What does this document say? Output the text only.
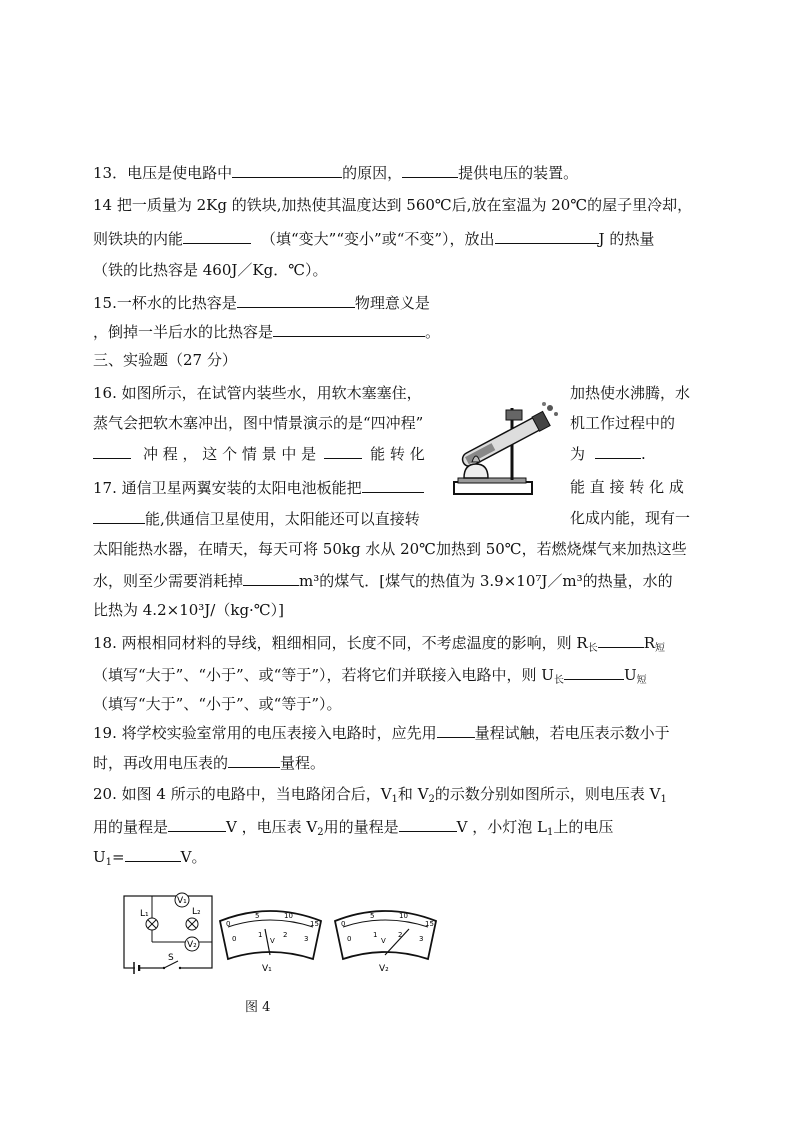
13．电压是使电路中	的原因，	提供电压的装置。
14 把一质量为 2Kg 的铁块,加热使其温度达到 560℃后,放在室温为 20℃的屋子里冷却，
则铁块的内能	（填“变大”“变小”或“不变”），放出	J 的热量
（铁的比热容是 460J／Kg．℃）。
15.一杯水的比热容是	物理意义是
，倒掉一半后水的比热容是	。
三、实验题（27 分）
16. 如图所示，在试管内装些水，用软木塞塞住，	加热使水沸腾，水
蒸气会把软木塞冲出，图中情景演示的是“四冲程”	机工作过程中的
冲 程 ， 这 个 情 景 中 是	能 转 化	为	.
17. 通信卫星两翼安装的太阳电池板能把	能 直 接 转 化 成
能,供通信卫星使用，太阳能还可以直接转	化成内能，现有一
太阳能热水器，在晴天，每天可将 50kg 水从 20℃加热到 50℃，若燃烧煤气来加热这些
水，则至少需要消耗掉	m³的煤气．[煤气的热值为 3.9×10⁷J／m³的热量，水的
比热为 4.2×10³J/（kg·℃）]
18. 两根相同材料的导线，粗细相同，长度不同，不考虑温度的影响，则 $R_长$	$R_短$
（填写“大于”、“小于”、或“等于”），若将它们并联接入电路中，则 $U_长$	$U_短$
（填写“大于”、“小于”、或“等于”）。
19. 将学校实验室常用的电压表接入电路时，应先用	量程试触，若电压表示数小于
时，再改用电压表的	量程。
20. 如图 4 所示的电路中，当电路闭合后，$V_1$和 $V_2$的示数分别如图所示，则电压表 $V_1$
用的量程是	V ，电压表 $V_2$用的量程是	V ，小灯泡 $L_1$上的电压
$U_1=$	V。
L₁
V₁
L₂
V₂
S
0
5	10
15
0	1	2 3
V
V₁
0
5	10
15
0	1	2 3
V
V₂
图 4
